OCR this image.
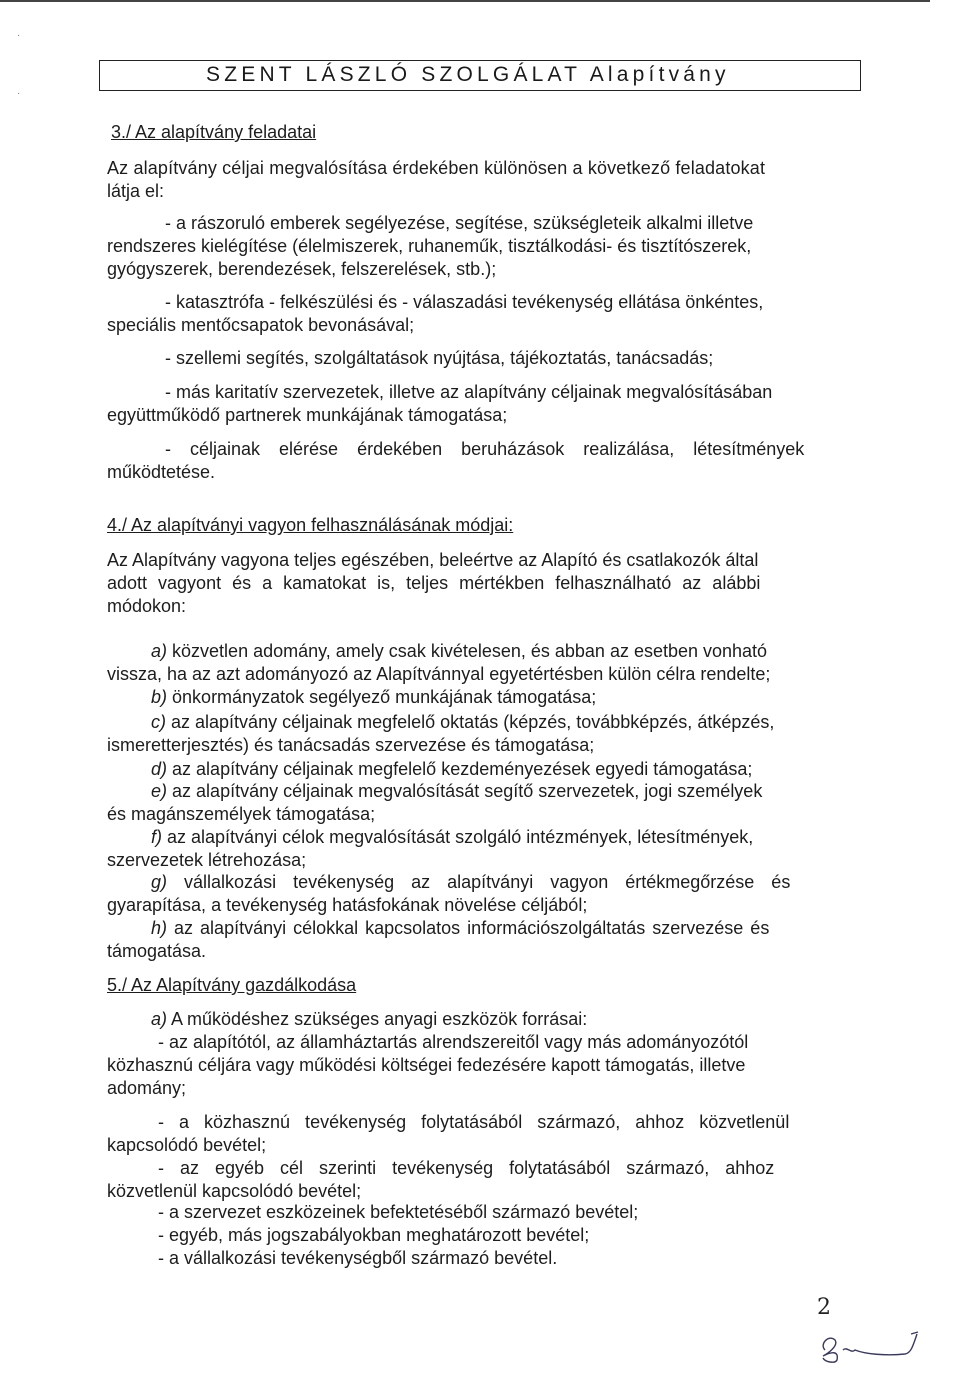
·
·
SZENT LÁSZLÓ SZOLGÁLAT Alapítvány
3./ Az alapítvány feladatai
Az alapítvány céljai megvalósítása érdekében különösen a következő feladatokat
látja el:
- a rászoruló emberek segélyezése, segítése, szükségleteik alkalmi illetve
rendszeres kielégítése (élelmiszerek, ruhaneműk, tisztálkodási- és tisztítószerek,
gyógyszerek, berendezések, felszerelések, stb.);
- katasztrófa - felkészülési és - válaszadási tevékenység ellátása önkéntes,
speciális mentőcsapatok bevonásával;
- szellemi segítés, szolgáltatások nyújtása, tájékoztatás, tanácsadás;
- más karitatív szervezetek, illetve az alapítvány céljainak megvalósításában
együttműködő partnerek munkájának támogatása;
- céljainak elérése érdekében beruházások realizálása, létesítmények
működtetése.
4./ Az alapítványi vagyon felhasználásának módjai:
Az Alapítvány vagyona teljes egészében, beleértve az Alapító és csatlakozók által
adott vagyont és a kamatokat is, teljes mértékben felhasználható az alábbi
módokon:
a) közvetlen adomány, amely csak kivételesen, és abban az esetben vonható
vissza, ha az azt adományozó az Alapítvánnyal egyetértésben külön célra rendelte;
b) önkormányzatok segélyező munkájának támogatása;
c) az alapítvány céljainak megfelelő oktatás (képzés, továbbképzés, átképzés,
ismeretterjesztés) és tanácsadás szervezése és támogatása;
d) az alapítvány céljainak megfelelő kezdeményezések egyedi támogatása;
e) az alapítvány céljainak megvalósítását segítő szervezetek, jogi személyek
és magánszemélyek támogatása;
f) az alapítványi célok megvalósítását szolgáló intézmények, létesítmények,
szervezetek létrehozása;
g) vállalkozási tevékenység az alapítványi vagyon értékmegőrzése és
gyarapítása, a tevékenység hatásfokának növelése céljából;
h) az alapítványi célokkal kapcsolatos információszolgáltatás szervezése és
támogatása.
5./ Az Alapítvány gazdálkodása
a) A működéshez szükséges anyagi eszközök forrásai:
- az alapítótól, az államháztartás alrendszereitől vagy más adományozótól
közhasznú céljára vagy működési költségei fedezésére kapott támogatás, illetve
adomány;
- a közhasznú tevékenység folytatásából származó, ahhoz közvetlenül
kapcsolódó bevétel;
- az egyéb cél szerinti tevékenység folytatásából származó, ahhoz
közvetlenül kapcsolódó bevétel;
- a szervezet eszközeinek befektetéséből származó bevétel;
- egyéb, más jogszabályokban meghatározott bevétel;
- a vállalkozási tevékenységből származó bevétel.
2
